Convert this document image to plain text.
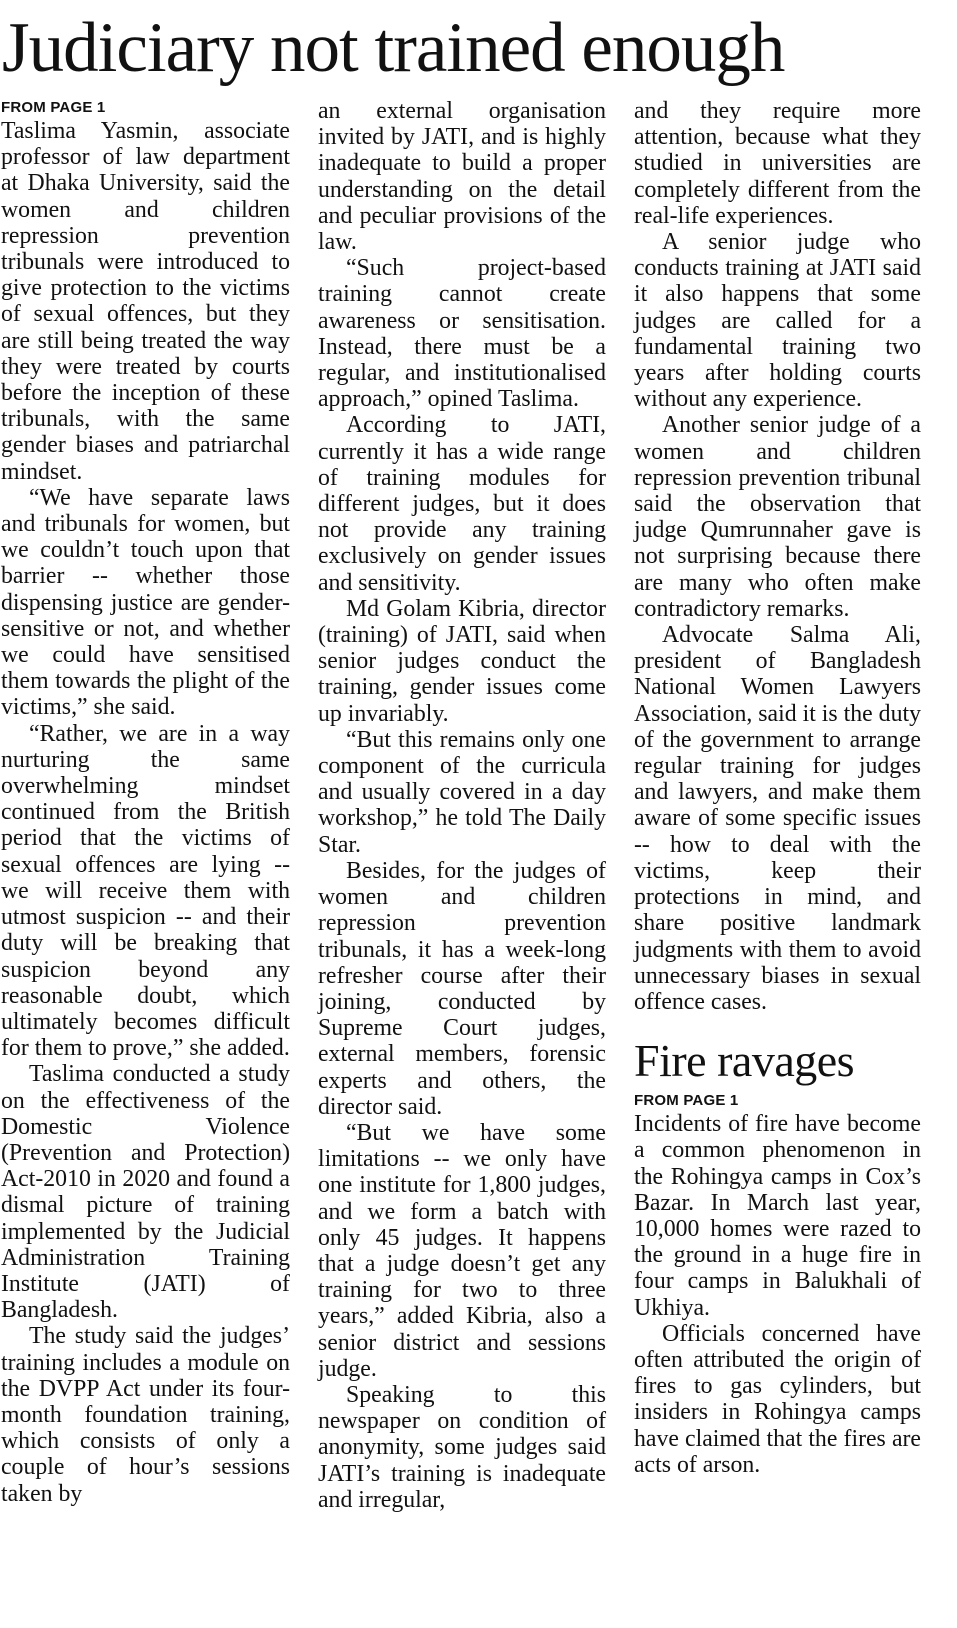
Judiciary not trained enough
FROM PAGE 1

Taslima Yasmin, associate professor of law department at Dhaka University, said the women and children repression prevention tribunals were introduced to give protection to the victims of sexual offences, but they are still being treated the way they were treated by courts before the inception of these tribunals, with the same gender biases and patriarchal mindset.

“We have separate laws and tribunals for women, but we couldn’t touch upon that barrier -- whether those dispensing justice are gender-sensitive or not, and whether we could have sensitised them towards the plight of the victims,” she said.

“Rather, we are in a way nurturing the same overwhelming mindset continued from the British period that the victims of sexual offences are lying -- we will receive them with utmost suspicion -- and their duty will be breaking that suspicion beyond any reasonable doubt, which ultimately becomes difficult for them to prove,” she added.

Taslima conducted a study on the effectiveness of the Domestic Violence (Prevention and Protection) Act-2010 in 2020 and found a dismal picture of training implemented by the Judicial Administration Training Institute (JATI) of Bangladesh.

The study said the judges’ training includes a module on the DVPP Act under its four-month foundation training, which consists of only a couple of hour’s sessions taken by

an external organisation invited by JATI, and is highly inadequate to build a proper understanding on the detail and peculiar provisions of the law.

“Such project-based training cannot create awareness or sensitisation. Instead, there must be a regular, and institutionalised approach,” opined Taslima.

According to JATI, currently it has a wide range of training modules for different judges, but it does not provide any training exclusively on gender issues and sensitivity.

Md Golam Kibria, director (training) of JATI, said when senior judges conduct the training, gender issues come up invariably.

“But this remains only one component of the curricula and usually covered in a day workshop,” he told The Daily Star.

Besides, for the judges of women and children repression prevention tribunals, it has a week-long refresher course after their joining, conducted by Supreme Court judges, external members, forensic experts and others, the director said.

“But we have some limitations -- we only have one institute for 1,800 judges, and we form a batch with only 45 judges. It happens that a judge doesn’t get any training for two to three years,” added Kibria, also a senior district and sessions judge.

Speaking to this newspaper on condition of anonymity, some judges said JATI’s training is inadequate and irregular,

and they require more attention, because what they studied in universities are completely different from the real-life experiences.

A senior judge who conducts training at JATI said it also happens that some judges are called for a fundamental training two years after holding courts without any experience.

Another senior judge of a women and children repression prevention tribunal said the observation that judge Qumrunnaher gave is not surprising because there are many who often make contradictory remarks.

Advocate Salma Ali, president of Bangladesh National Women Lawyers Association, said it is the duty of the government to arrange regular training for judges and lawyers, and make them aware of some specific issues -- how to deal with the victims, keep their protections in mind, and share positive landmark judgments with them to avoid unnecessary biases in sexual offence cases.

Fire ravages
FROM PAGE 1

Incidents of fire have become a common phenomenon in the Rohingya camps in Cox’s Bazar. In March last year, 10,000 homes were razed to the ground in a huge fire in four camps in Balukhali of Ukhiya.

Officials concerned have often attributed the origin of fires to gas cylinders, but insiders in Rohingya camps have claimed that the fires are acts of arson.
